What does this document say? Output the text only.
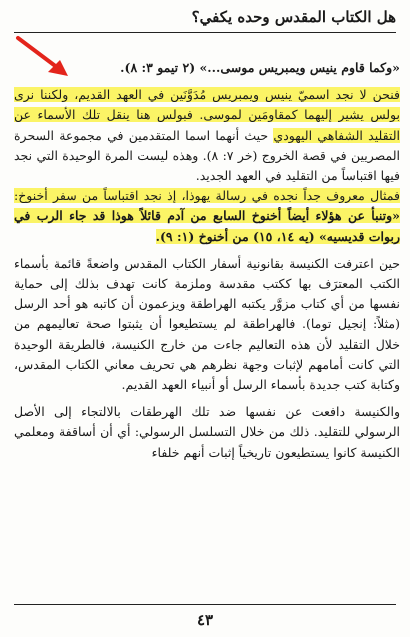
هل الكتاب المقدس وحده يكفي؟

«وكما قاوم ينيس ويمبريس موسى...» (٢ تيمو ٣: ٨).

فنحن لا نجد اسميّ ينيس ويمبريس مُدَوَّنَين في العهد القديم، ولكننا نرى بولس يشير إليهما كمقاومَين لموسى. فبولس هنا ينقل تلك الأسماء عن التقليد الشفاهي اليهودي حيث أنهما اسما المتقدمين في مجموعة السحرة المصريين في قصة الخروج (خر ٧: ٨). وهذه ليست المرة الوحيدة التي نجد فيها اقتباساً من التقليد في العهد الجديد.

فمثال معروف جداً نجده في رسالة يهوذا، إذ نجد اقتباساً من سفر أخنوخ: «وتنبأ عن هؤلاء أيضاً أخنوخ السابع من آدم قائلاً هوذا قد جاء الرب في ربوات قديسيه» (يه ١٤، ١٥) من أخنوخ (١: ٩).

حين اعترفت الكنيسة بقانونية أسفار الكتاب المقدس واضعةً قائمة بأسماء الكتب المعترَف بها ككتب مقدسة وملزمة كانت تهدف بذلك إلى حماية نفسها من أي كتاب مزوَّر يكتبه الهراطقة ويزعمون أن كاتبه هو أحد الرسل (مثلاً: إنجيل توما). فالهراطقة لم يستطيعوا أن يثبتوا صحة تعاليمهم من خلال التقليد لأن هذه التعاليم جاءت من خارج الكنيسة، فالطريقة الوحيدة التي كانت أمامهم لإثبات وجهة نظرهم هي تحريف معاني الكتاب المقدس، وكتابة كتب جديدة بأسماء الرسل أو أنبياء العهد القديم.

والكنيسة دافعت عن نفسها ضد تلك الهرطقات بالالتجاء إلى الأصل الرسولي للتقليد. ذلك من خلال التسلسل الرسولي: أي أن أساقفة ومعلمي الكنيسة كانوا يستطيعون تاريخياً إثبات أنهم خلفاء

٤٣
